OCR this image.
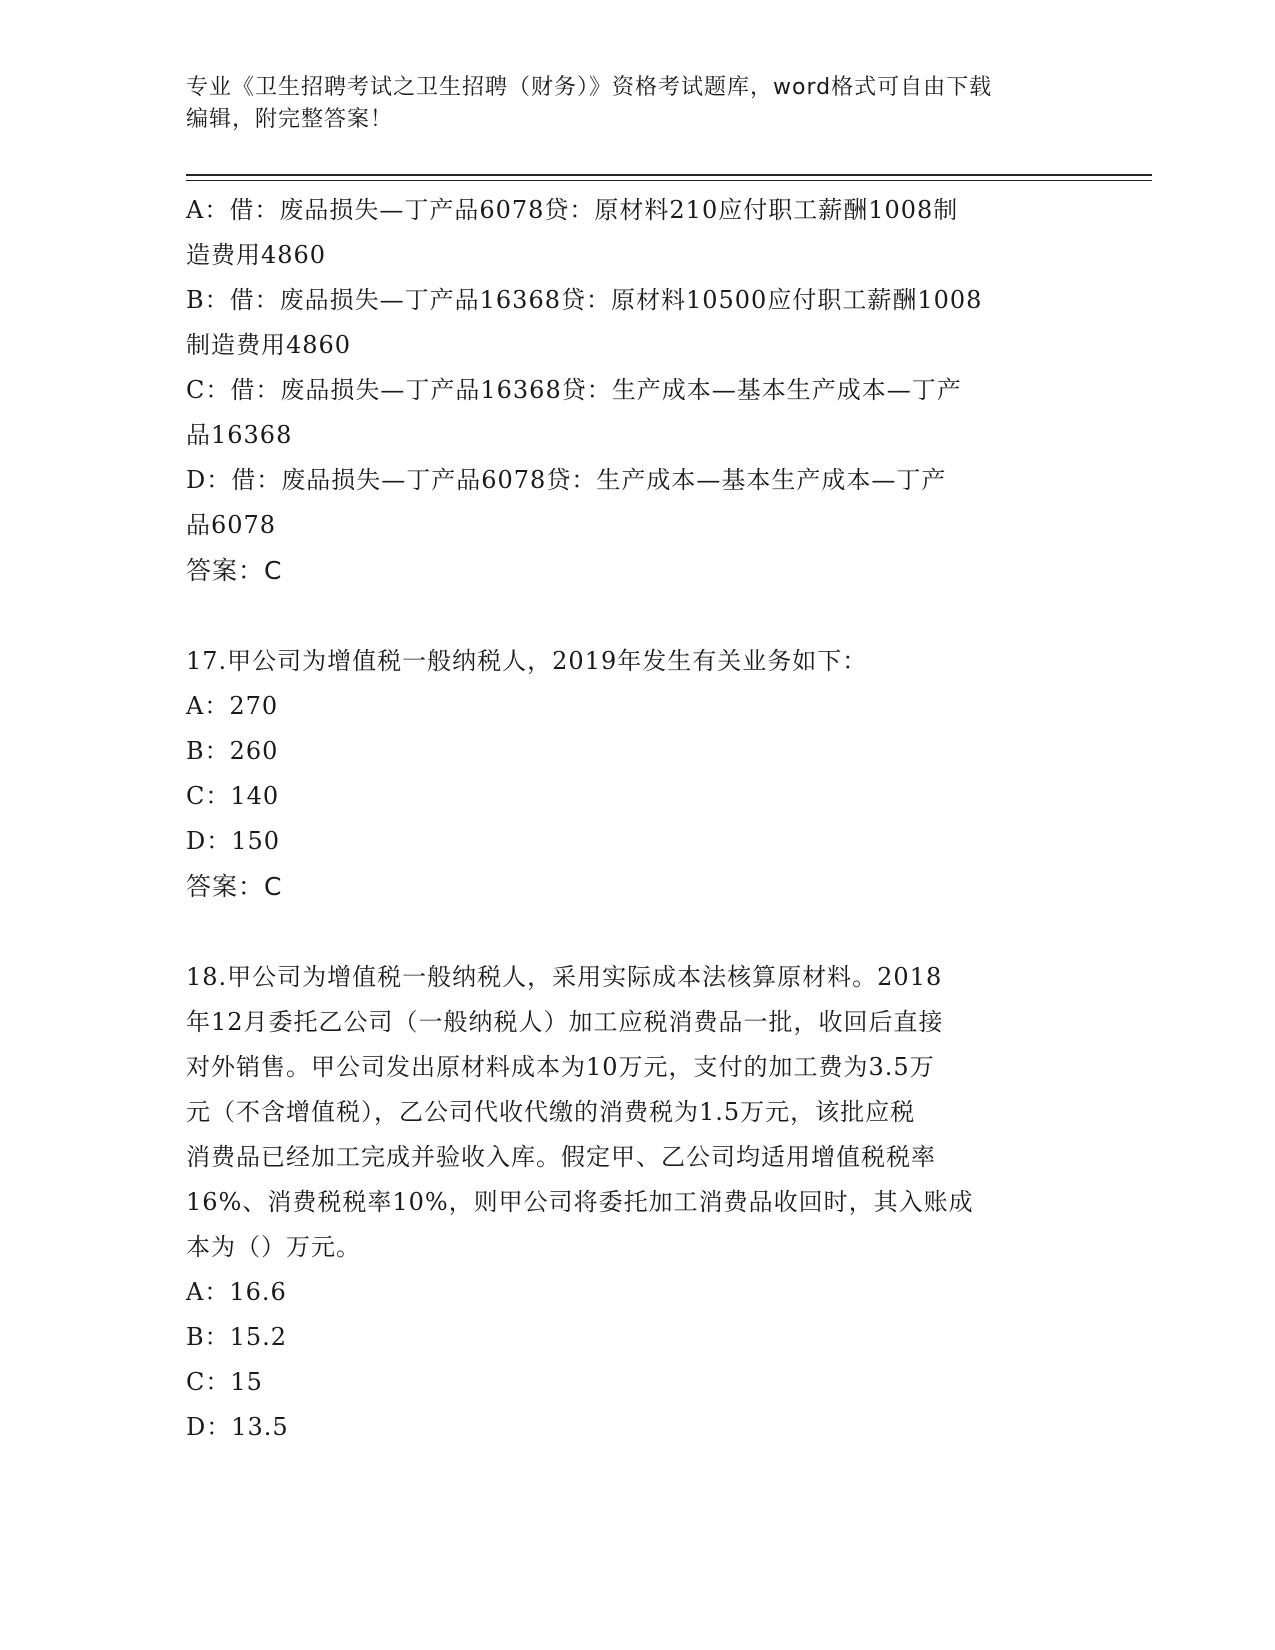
专业《卫生招聘考试之卫生招聘（财务）》资格考试题库，word格式可自由下载
编辑，附完整答案！
A：借：废品损失—丁产品6078贷：原材料210应付职工薪酬1008制
造费用4860
B：借：废品损失—丁产品16368贷：原材料10500应付职工薪酬1008
制造费用4860
C：借：废品损失—丁产品16368贷：生产成本—基本生产成本—丁产
品16368
D：借：废品损失—丁产品6078贷：生产成本—基本生产成本—丁产
品6078
答案：C
17.甲公司为增值税一般纳税人，2019年发生有关业务如下：
A：270
B：260
C：140
D：150
答案：C
18.甲公司为增值税一般纳税人，采用实际成本法核算原材料。2018
年12月委托乙公司（一般纳税人）加工应税消费品一批，收回后直接
对外销售。甲公司发出原材料成本为10万元，支付的加工费为3.5万
元（不含增值税），乙公司代收代缴的消费税为1.5万元，该批应税
消费品已经加工完成并验收入库。假定甲、乙公司均适用增值税税率
16%、消费税税率10%，则甲公司将委托加工消费品收回时，其入账成
本为（）万元。
A：16.6
B：15.2
C：15
D：13.5
